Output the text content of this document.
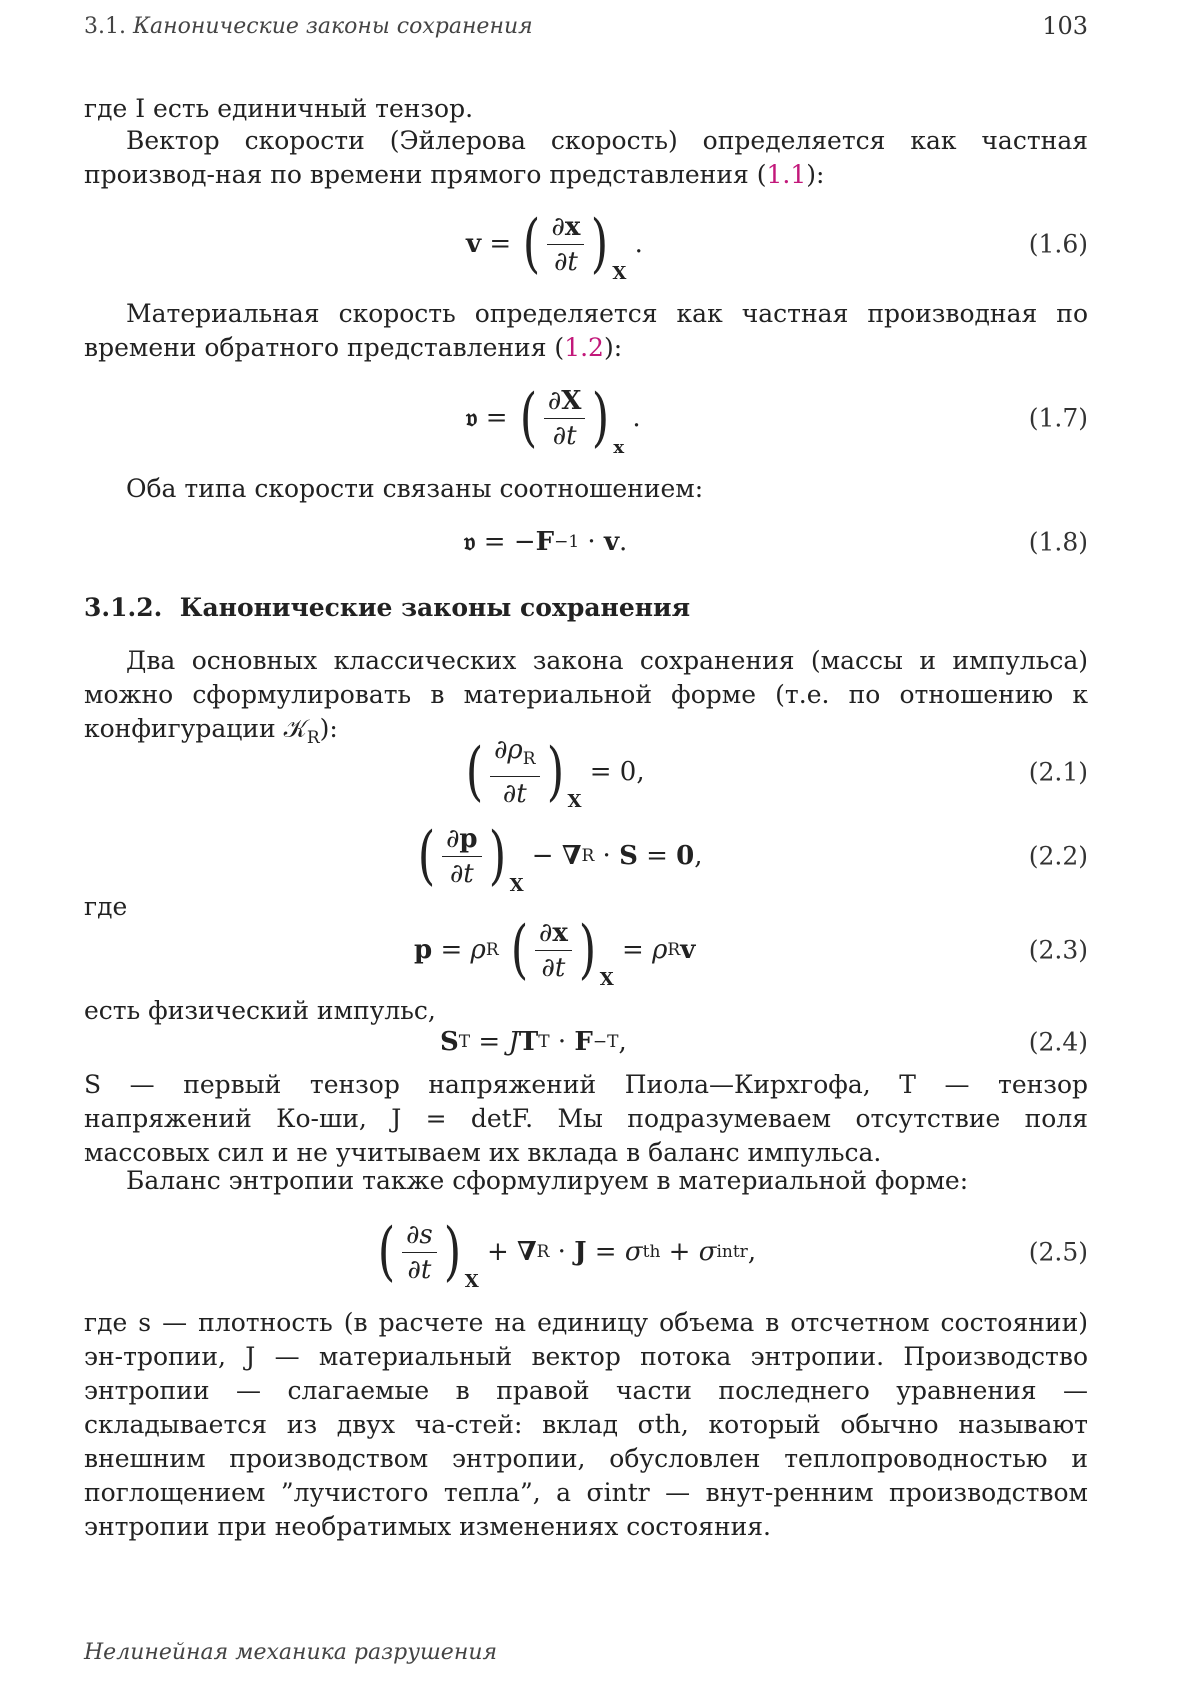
3.1. Канонические законы сохранения	103
где I есть единичный тензор.
Вектор скорости (Эйлерова скорость) определяется как частная производ-ная по времени прямого представления (1.1):
v = ( $\frac{\partial x}{\partial t}$ ) X
.	(1.6)
Материальная скорость определяется как частная производная по времени обратного представления (1.2):
𝔳 = ( $\frac{\partial X}{\partial t}$ ) x
.	(1.7)
Оба типа скорости связаны соотношением:
𝔳 = − F −1 · v .	(1.8)
3.1.2. Канонические законы сохранения
Два основных классических закона сохранения (массы и импульса) можно сформулировать в материальной форме (т.е. по отношению к конфигурации 𝒦$_R$):
( $\frac{\partial\rho_R}{\partial t}$ ) X
= 0,	(2.1)
( $\frac{\partial p}{\partial t}$ ) X
− ∇ R · S = 0 ,	(2.2)
где
p = ρ R
( $\frac{\partial x}{\partial t}$ ) X
= ρ R v	(2.3)
есть физический импульс,
S T = J T T · F −T ,	(2.4)
S — первый тензор напряжений Пиола—Кирхгофа, T — тензор напряжений Ко-ши, J = detF. Мы подразумеваем отсутствие поля массовых сил и не учитываем их вклада в баланс импульса.
Баланс энтропии также сформулируем в материальной форме:
( $\frac{\partial s}{\partial t}$ ) X
+ ∇ R · J = σ th + σ intr ,	(2.5)
где s — плотность (в расчете на единицу объема в отсчетном состоянии) эн-тропии, J — материальный вектор потока энтропии. Производство энтропии — слагаемые в правой части последнего уравнения — складывается из двух ча-стей: вклад σth, который обычно называют внешним производством энтропии, обусловлен теплопроводностью и поглощением ”лучистого тепла”, а σintr — внут-ренним производством энтропии при необратимых изменениях состояния.
Нелинейная механика разрушения
